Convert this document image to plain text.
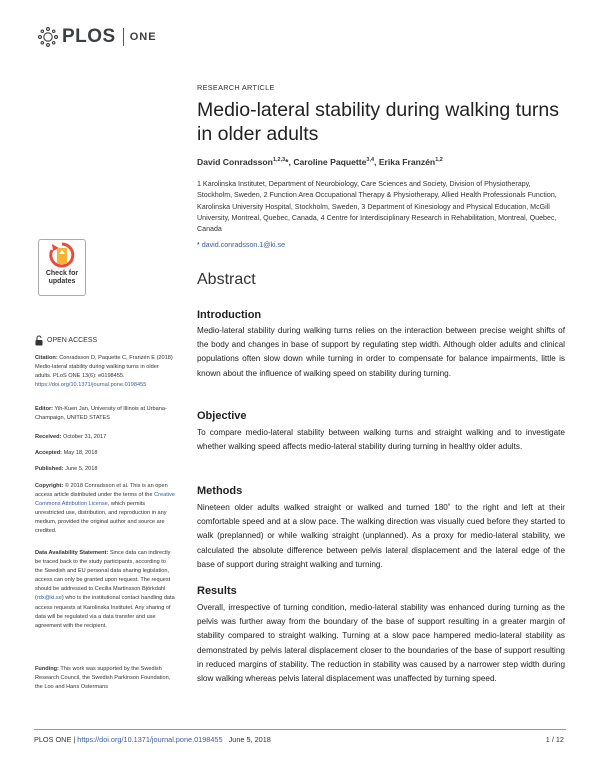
PLOS ONE
RESEARCH ARTICLE
Medio-lateral stability during walking turns in older adults
David Conradsson$^{1,2,3}$*, Caroline Paquette$^{3,4}$, Erika Franzén$^{1,2}$
1 Karolinska Institutet, Department of Neurobiology, Care Sciences and Society, Division of Physiotherapy, Stockholm, Sweden, 2 Function Area Occupational Therapy & Physiotherapy, Allied Health Professionals Function, Karolinska University Hospital, Stockholm, Sweden, 3 Department of Kinesiology and Physical Education, McGill University, Montreal, Quebec, Canada, 4 Centre for Interdisciplinary Research in Rehabilitation, Montreal, Quebec, Canada
* david.conradsson.1@ki.se
Abstract
Introduction
Medio-lateral stability during walking turns relies on the interaction between precise weight shifts of the body and changes in base of support by regulating step width. Although older adults and clinical populations often slow down while turning in order to compensate for balance impairments, little is known about the influence of walking speed on stability during turning.
Objective
To compare medio-lateral stability between walking turns and straight walking and to investigate whether walking speed affects medio-lateral stability during turning in healthy older adults.
Methods
Nineteen older adults walked straight or walked and turned 180˚ to the right and left at their comfortable speed and at a slow pace. The walking direction was visually cued before they started to walk (preplanned) or while walking straight (unplanned). As a proxy for medio-lateral stability, we calculated the absolute difference between pelvis lateral displacement and the lateral edge of the base of support during straight walking and turning.
Results
Overall, irrespective of turning condition, medio-lateral stability was enhanced during turning as the pelvis was further away from the boundary of the base of support resulting in a greater margin of stability compared to straight walking. Turning at a slow pace hampered medio-lateral stability as demonstrated by pelvis lateral displacement closer to the boundaries of the base of support resulting in reduced margins of stability. The reduction in stability was caused by a narrower step width during slow walking whereas pelvis lateral displacement was unaffected by turning speed.
Check for
updates
OPEN ACCESS
Citation: Conradsson D, Paquette C, Franzén E (2018) Medio-lateral stability during walking turns in older adults. PLoS ONE 13(6): e0198455. https://doi.org/10.1371/journal.pone.0198455
Editor: Yih-Kuen Jan, University of Illinois at Urbana-Champaign, UNITED STATES
Received: October 31, 2017
Accepted: May 18, 2018
Published: June 5, 2018
Copyright: © 2018 Conradsson et al. This is an open access article distributed under the terms of the Creative Commons Attribution License, which permits unrestricted use, distribution, and reproduction in any medium, provided the original author and source are credited.
Data Availability Statement: Since data can indirectly be traced back to the study participants, according to the Swedish and EU personal data sharing legislation, access can only be granted upon request. The request should be addressed to Cecilia Martinsson Björkdahl (rdx@ki.se) who is the institutional contact handling data access requests at Karolinska Institutet. Any sharing of data will be regulated via a data transfer and use agreement with the recipient.
Funding: This work was supported by the Swedish Research Council, the Swedish Parkinson Foundation, the Loo and Hans Ostermans
PLOS ONE | https://doi.org/10.1371/journal.pone.0198455 June 5, 2018	1 / 12
